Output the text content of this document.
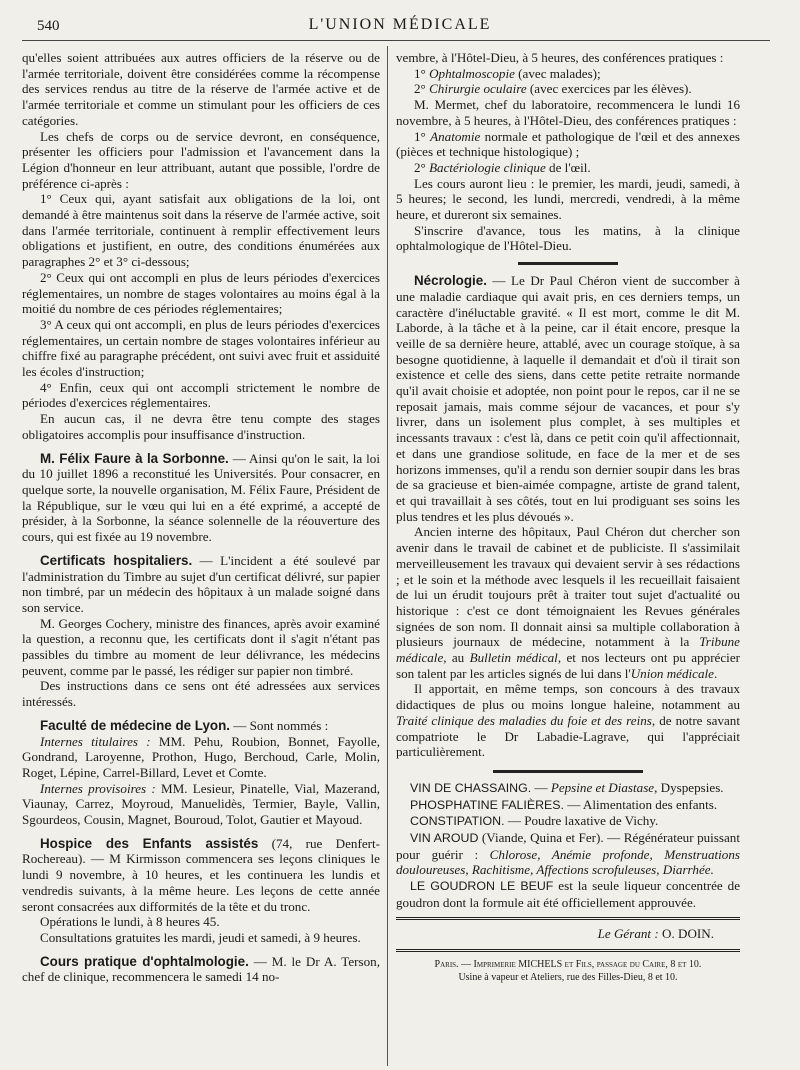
540	L'UNION MÉDICALE

qu'elles soient attribuées aux autres officiers de la réserve ou de l'armée territoriale, doivent être considérées comme la récompense des services rendus au titre de la réserve de l'armée active et de l'armée territoriale et comme un stimulant pour les officiers de ces catégories.

Les chefs de corps ou de service devront, en conséquence, présenter les officiers pour l'admission et l'avancement dans la Légion d'honneur en leur attribuant, autant que possible, l'ordre de préférence ci-après :

1° Ceux qui, ayant satisfait aux obligations de la loi, ont demandé à être maintenus soit dans la réserve de l'armée active, soit dans l'armée territoriale, continuent à remplir effectivement leurs obligations et justifient, en outre, des conditions énumérées aux paragraphes 2° et 3° ci-dessous;

2° Ceux qui ont accompli en plus de leurs périodes d'exercices réglementaires, un nombre de stages volontaires au moins égal à la moitié du nombre de ces périodes réglementaires;

3° A ceux qui ont accompli, en plus de leurs périodes d'exercices réglementaires, un certain nombre de stages volontaires inférieur au chiffre fixé au paragraphe précédent, ont suivi avec fruit et assiduité les écoles d'instruction;

4° Enfin, ceux qui ont accompli strictement le nombre de périodes d'exercices réglementaires.

En aucun cas, il ne devra être tenu compte des stages obligatoires accomplis pour insuffisance d'instruction.

M. Félix Faure à la Sorbonne. — Ainsi qu'on le sait, la loi du 10 juillet 1896 a reconstitué les Universités. Pour consacrer, en quelque sorte, la nouvelle organisation, M. Félix Faure, Président de la République, sur le vœu qui lui en a été exprimé, a accepté de présider, à la Sorbonne, la séance solennelle de la réouverture des cours, qui est fixée au 19 novembre.

Certificats hospitaliers. — L'incident a été soulevé par l'administration du Timbre au sujet d'un certificat délivré, sur papier non timbré, par un médecin des hôpitaux à un malade soigné dans son service.

M. Georges Cochery, ministre des finances, après avoir examiné la question, a reconnu que, les certificats dont il s'agit n'étant pas passibles du timbre au moment de leur délivrance, les médecins peuvent, comme par le passé, les rédiger sur papier non timbré.

Des instructions dans ce sens ont été adressées aux services intéressés.

Faculté de médecine de Lyon. — Sont nommés :

Internes titulaires : MM. Pehu, Roubion, Bonnet, Fayolle, Gondrand, Laroyenne, Prothon, Hugo, Berchoud, Carle, Molin, Roget, Lépine, Carrel-Billard, Levet et Comte.

Internes provisoires : MM. Lesieur, Pinatelle, Vial, Mazerand, Viaunay, Carrez, Moyroud, Manuelidès, Termier, Bayle, Vallin, Sgourdeos, Cousin, Magnet, Bouroud, Tolot, Gautier et Mayoud.

Hospice des Enfants assistés (74, rue Denfert-Rochereau). — M Kirmisson commencera ses leçons cliniques le lundi 9 novembre, à 10 heures, et les continuera les lundis et vendredis suivants, à la même heure. Les leçons de cette année seront consacrées aux difformités de la tête et du tronc.

Opérations le lundi, à 8 heures 45.

Consultations gratuites les mardi, jeudi et samedi, à 9 heures.

Cours pratique d'ophtalmologie. — M. le Dr A. Terson, chef de clinique, recommencera le samedi 14 no-

vembre, à l'Hôtel-Dieu, à 5 heures, des conférences pratiques :

1° Ophtalmoscopie (avec malades);

2° Chirurgie oculaire (avec exercices par les élèves).

M. Mermet, chef du laboratoire, recommencera le lundi 16 novembre, à 5 heures, à l'Hôtel-Dieu, des conférences pratiques :

1° Anatomie normale et pathologique de l'œil et des annexes (pièces et technique histologique) ;

2° Bactériologie clinique de l'œil.

Les cours auront lieu : le premier, les mardi, jeudi, samedi, à 5 heures; le second, les lundi, mercredi, vendredi, à la même heure, et dureront six semaines.

S'inscrire d'avance, tous les matins, à la clinique ophtalmologique de l'Hôtel-Dieu.

Nécrologie. — Le Dr Paul Chéron vient de succomber à une maladie cardiaque qui avait pris, en ces derniers temps, un caractère d'inéluctable gravité. « Il est mort, comme le dit M. Laborde, à la tâche et à la peine, car il était encore, presque la veille de sa dernière heure, attablé, avec un courage stoïque, à sa besogne quotidienne, à laquelle il demandait et d'où il tirait son existence et celle des siens, dans cette petite retraite normande qu'il avait choisie et adoptée, non point pour le repos, car il ne se reposait jamais, mais comme séjour de vacances, et pour s'y livrer, dans un isolement plus complet, à ses multiples et incessants travaux : c'est là, dans ce petit coin qu'il affectionnait, et dans une grandiose solitude, en face de la mer et de ses horizons immenses, qu'il a rendu son dernier soupir dans les bras de sa gracieuse et bien-aimée compagne, artiste de grand talent, et qui travaillait à ses côtés, tout en lui prodiguant ses soins les plus tendres et les plus dévoués ».

Ancien interne des hôpitaux, Paul Chéron dut chercher son avenir dans le travail de cabinet et de publiciste. Il s'assimilait merveilleusement les travaux qui devaient servir à ses rédactions ; et le soin et la méthode avec lesquels il les recueillait faisaient de lui un érudit toujours prêt à traiter tout sujet d'actualité ou historique : c'est ce dont témoignaient les Revues générales signées de son nom. Il donnait ainsi sa multiple collaboration à plusieurs journaux de médecine, notamment à la Tribune médicale, au Bulletin médical, et nos lecteurs ont pu apprécier son talent par les articles signés de lui dans l'Union médicale.

Il apportait, en même temps, son concours à des travaux didactiques de plus ou moins longue haleine, notamment au Traité clinique des maladies du foie et des reins, de notre savant compatriote le Dr Labadie-Lagrave, qui l'appréciait particulièrement.

VIN DE CHASSAING. — Pepsine et Diastase, Dyspepsies.

PHOSPHATINE FALIÈRES. — Alimentation des enfants.

CONSTIPATION. — Poudre laxative de Vichy.

VIN AROUD (Viande, Quina et Fer). — Régénérateur puissant pour guérir : Chlorose, Anémie profonde, Menstruations douloureuses, Rachitisme, Affections scrofuleuses, Diarrhée.

LE GOUDRON LE BEUF est la seule liqueur concentrée de goudron dont la formule ait été officiellement approuvée.

Le Gérant : O. DOIN.

Paris. — Imprimerie MICHELS et Fils, passage du Caire, 8 et 10.
Usine à vapeur et Ateliers, rue des Filles-Dieu, 8 et 10.
